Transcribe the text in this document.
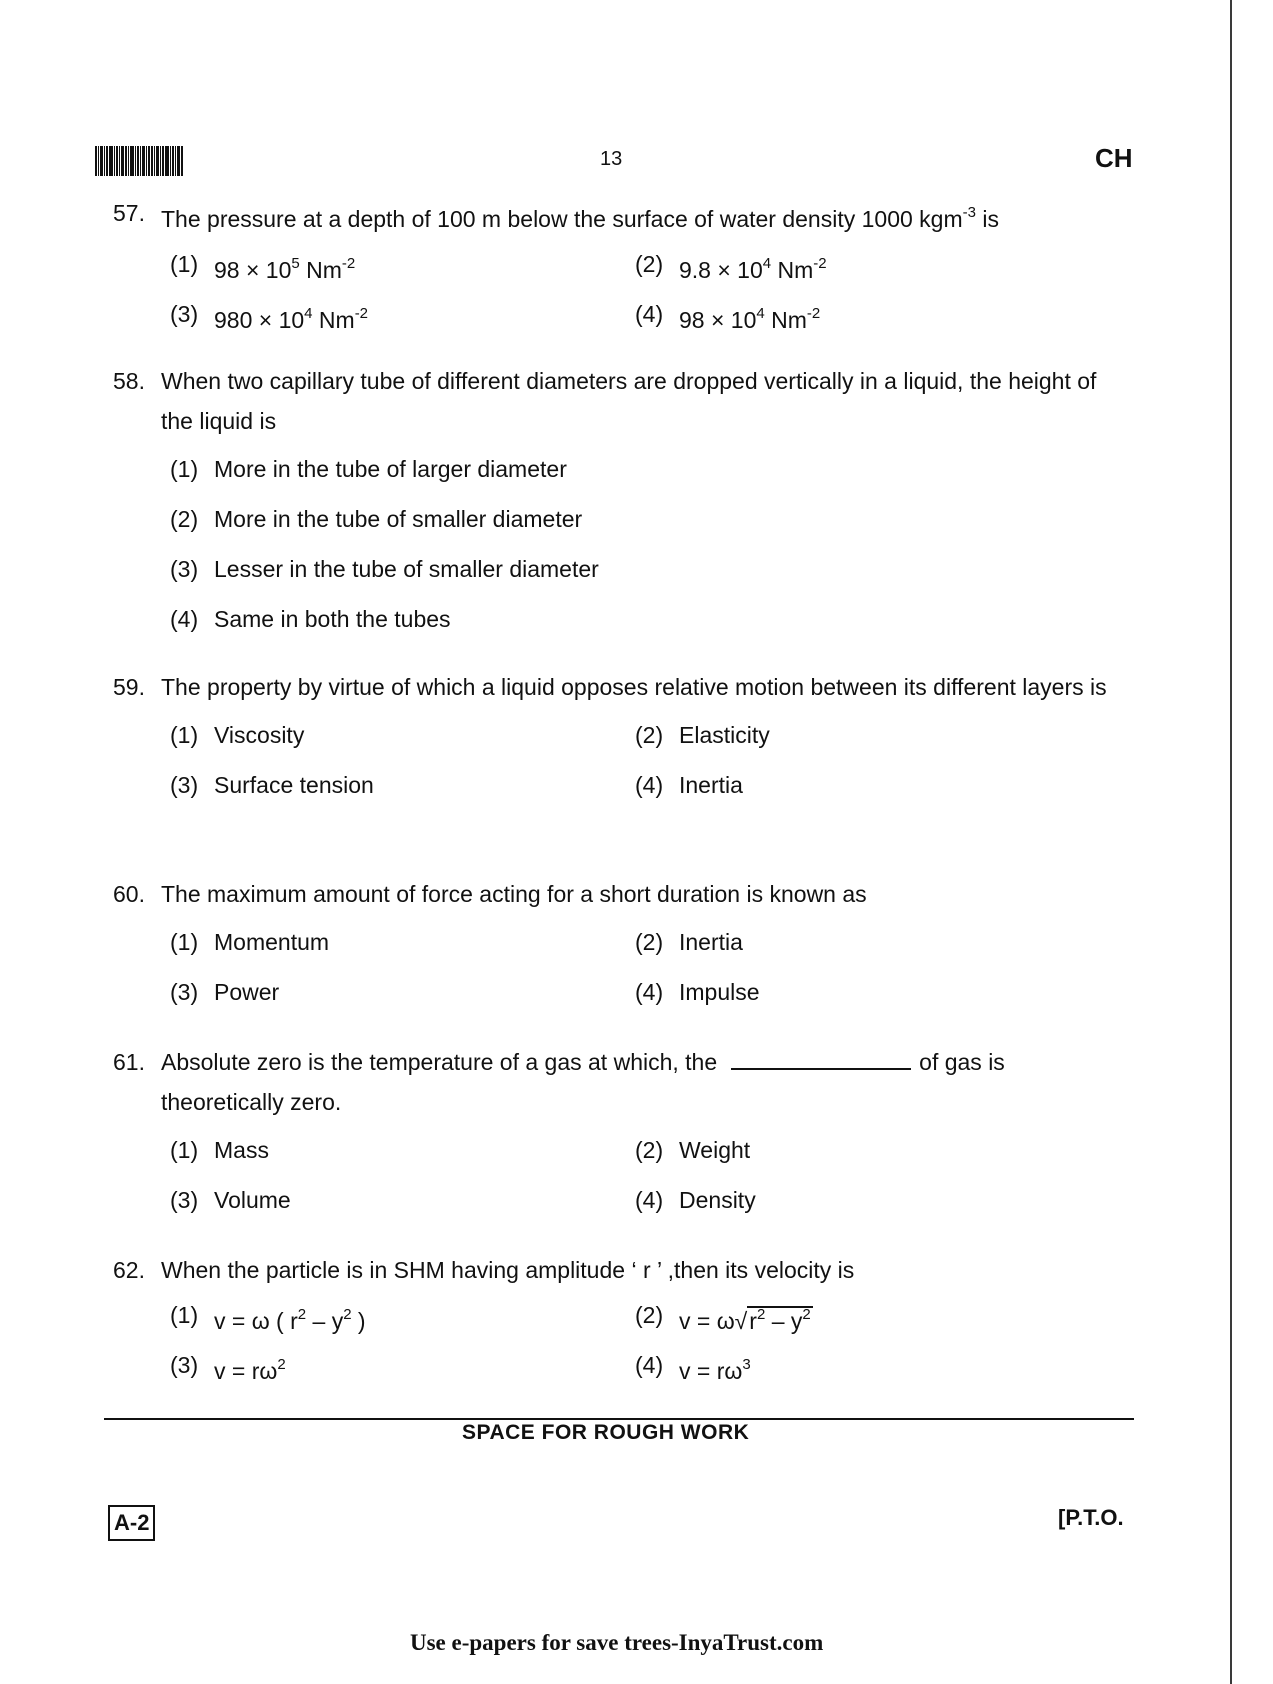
13	CH
57. The pressure at a depth of 100 m below the surface of water density 1000 kgm$^{-3}$ is
(1) $98 \times 10^5$ $Nm^{-2}$	(2) $9.8 \times 10^4$ $Nm^{-2}$
(3) $980 \times 10^4$ $Nm^{-2}$	(4) $98 \times 10^4$ $Nm^{-2}$
58. When two capillary tube of different diameters are dropped vertically in a liquid, the height of the liquid is
(1) More in the tube of larger diameter
(2) More in the tube of smaller diameter
(3) Lesser in the tube of smaller diameter
(4) Same in both the tubes
59. The property by virtue of which a liquid opposes relative motion between its different layers is
(1) Viscosity	(2) Elasticity
(3) Surface tension	(4) Inertia
60. The maximum amount of force acting for a short duration is known as
(1) Momentum	(2) Inertia
(3) Power	(4) Impulse
61. Absolute zero is the temperature of a gas at which, the	of gas is
theoretically zero.
(1) Mass	(2) Weight
(3) Volume	(4) Density
62. When the particle is in SHM having amplitude ‘ r ’ ,then its velocity is
(1) v = ω ( $r^2 - y^2$ )	(2) $v = \omega√r^2 - y^2$
(3) $v = r\omega^2$	(4) $v = r\omega^3$
SPACE FOR ROUGH WORK
A-2	[P.T.O.
Use e-papers for save trees-InyaTrust.com
